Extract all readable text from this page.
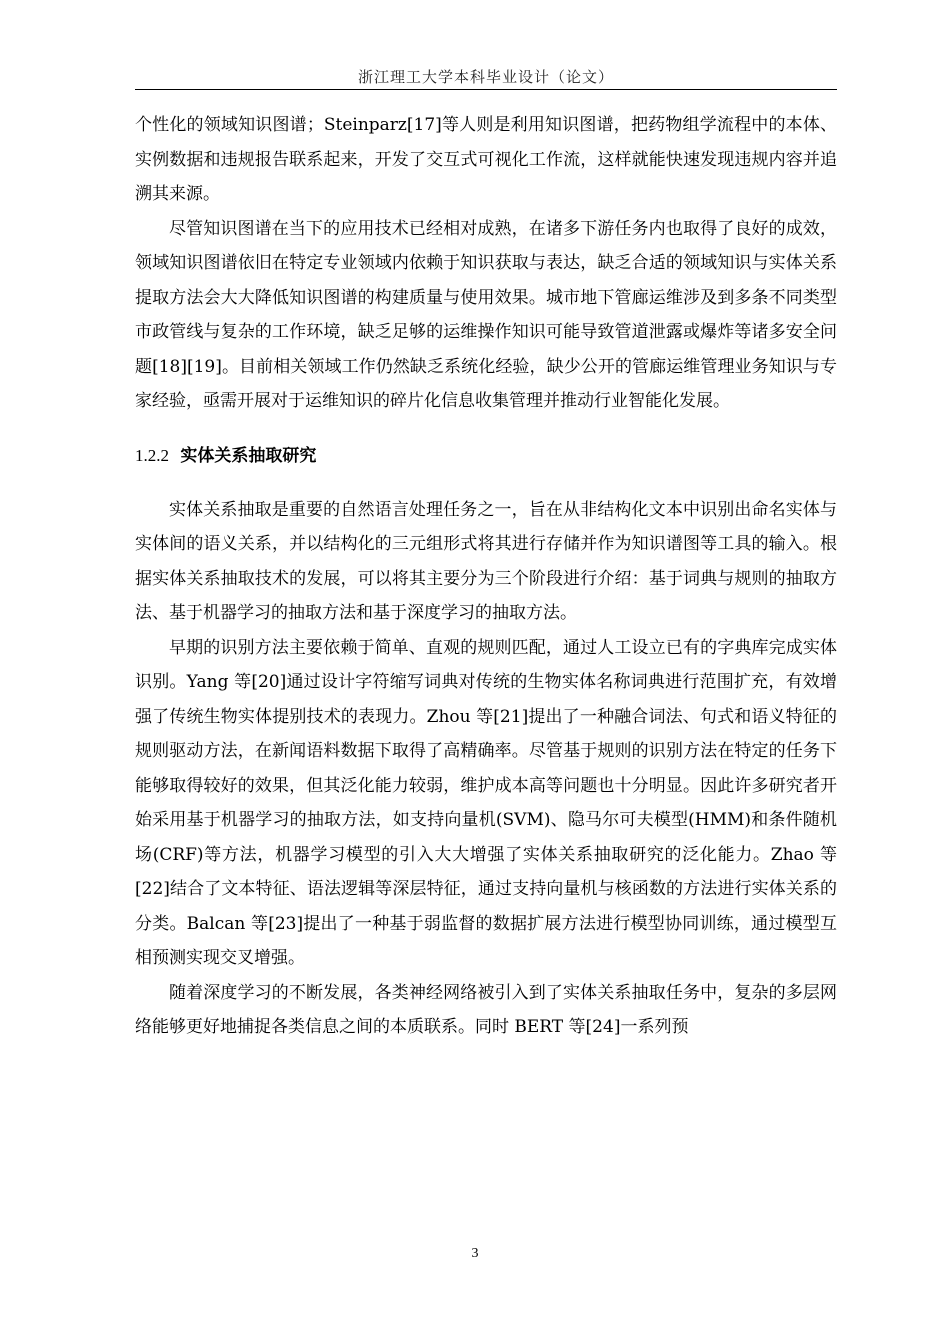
浙江理工大学本科毕业设计（论文）

个性化的领域知识图谱；Steinparz[17]等人则是利用知识图谱，把药物组学流程中的本体、实例数据和违规报告联系起来，开发了交互式可视化工作流，这样就能快速发现违规内容并追溯其来源。

尽管知识图谱在当下的应用技术已经相对成熟，在诸多下游任务内也取得了良好的成效，领域知识图谱依旧在特定专业领域内依赖于知识获取与表达，缺乏合适的领域知识与实体关系提取方法会大大降低知识图谱的构建质量与使用效果。城市地下管廊运维涉及到多条不同类型市政管线与复杂的工作环境，缺乏足够的运维操作知识可能导致管道泄露或爆炸等诸多安全问题[18][19]。目前相关领域工作仍然缺乏系统化经验，缺少公开的管廊运维管理业务知识与专家经验，亟需开展对于运维知识的碎片化信息收集管理并推动行业智能化发展。

1.2.2 实体关系抽取研究

实体关系抽取是重要的自然语言处理任务之一，旨在从非结构化文本中识别出命名实体与实体间的语义关系，并以结构化的三元组形式将其进行存储并作为知识谱图等工具的输入。根据实体关系抽取技术的发展，可以将其主要分为三个阶段进行介绍：基于词典与规则的抽取方法、基于机器学习的抽取方法和基于深度学习的抽取方法。

早期的识别方法主要依赖于简单、直观的规则匹配，通过人工设立已有的字典库完成实体识别。Yang 等[20]通过设计字符缩写词典对传统的生物实体名称词典进行范围扩充，有效增强了传统生物实体提别技术的表现力。Zhou 等[21]提出了一种融合词法、句式和语义特征的规则驱动方法，在新闻语料数据下取得了高精确率。尽管基于规则的识别方法在特定的任务下能够取得较好的效果，但其泛化能力较弱，维护成本高等问题也十分明显。因此许多研究者开始采用基于机器学习的抽取方法，如支持向量机(SVM)、隐马尔可夫模型(HMM)和条件随机场(CRF)等方法，机器学习模型的引入大大增强了实体关系抽取研究的泛化能力。Zhao 等[22]结合了文本特征、语法逻辑等深层特征，通过支持向量机与核函数的方法进行实体关系的分类。Balcan 等[23]提出了一种基于弱监督的数据扩展方法进行模型协同训练，通过模型互相预测实现交叉增强。

随着深度学习的不断发展，各类神经网络被引入到了实体关系抽取任务中，复杂的多层网络能够更好地捕捉各类信息之间的本质联系。同时 BERT 等[24]一系列预

3
